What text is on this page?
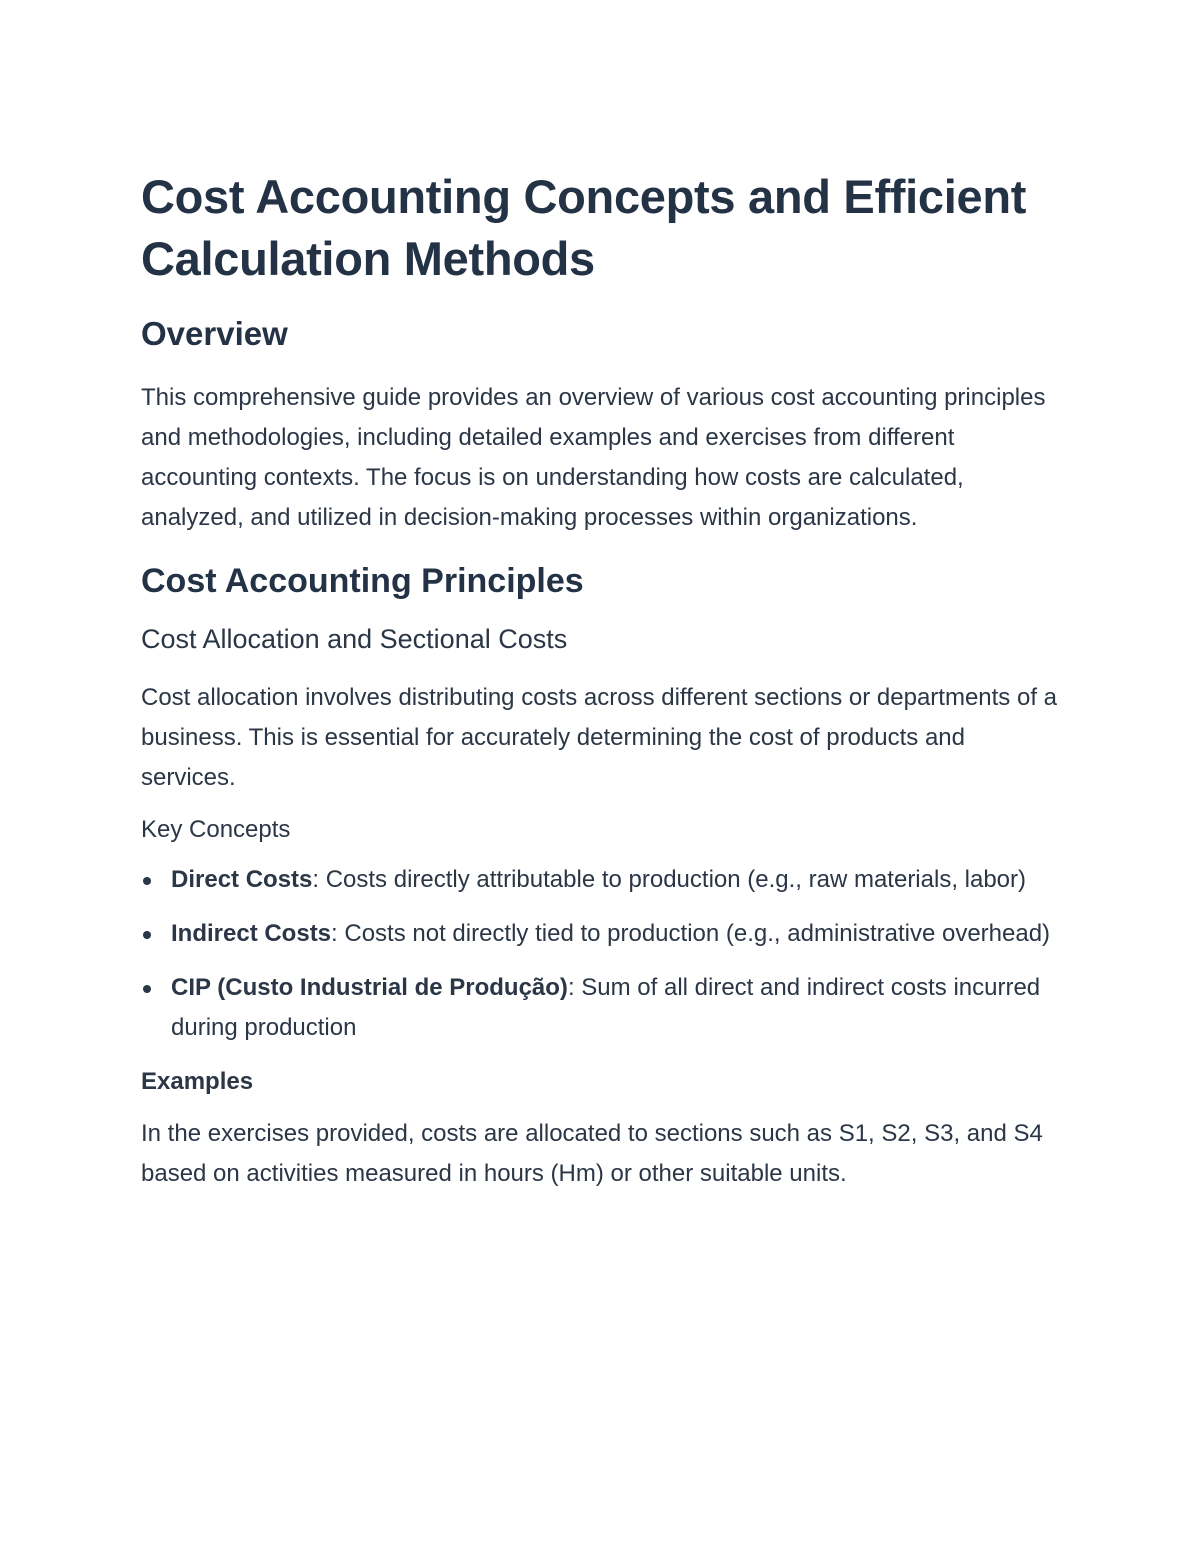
Cost Accounting Concepts and Efficient Calculation Methods
Overview

This comprehensive guide provides an overview of various cost accounting principles and methodologies, including detailed examples and exercises from different accounting contexts. The focus is on understanding how costs are calculated, analyzed, and utilized in decision-making processes within organizations.

Cost Accounting Principles
Cost Allocation and Sectional Costs

Cost allocation involves distributing costs across different sections or departments of a business. This is essential for accurately determining the cost of products and services.

Key Concepts
Direct Costs: Costs directly attributable to production (e.g., raw materials, labor)
Indirect Costs: Costs not directly tied to production (e.g., administrative overhead)
CIP (Custo Industrial de Produção): Sum of all direct and indirect costs incurred during production
Examples

In the exercises provided, costs are allocated to sections such as S1, S2, S3, and S4 based on activities measured in hours (Hm) or other suitable units.
